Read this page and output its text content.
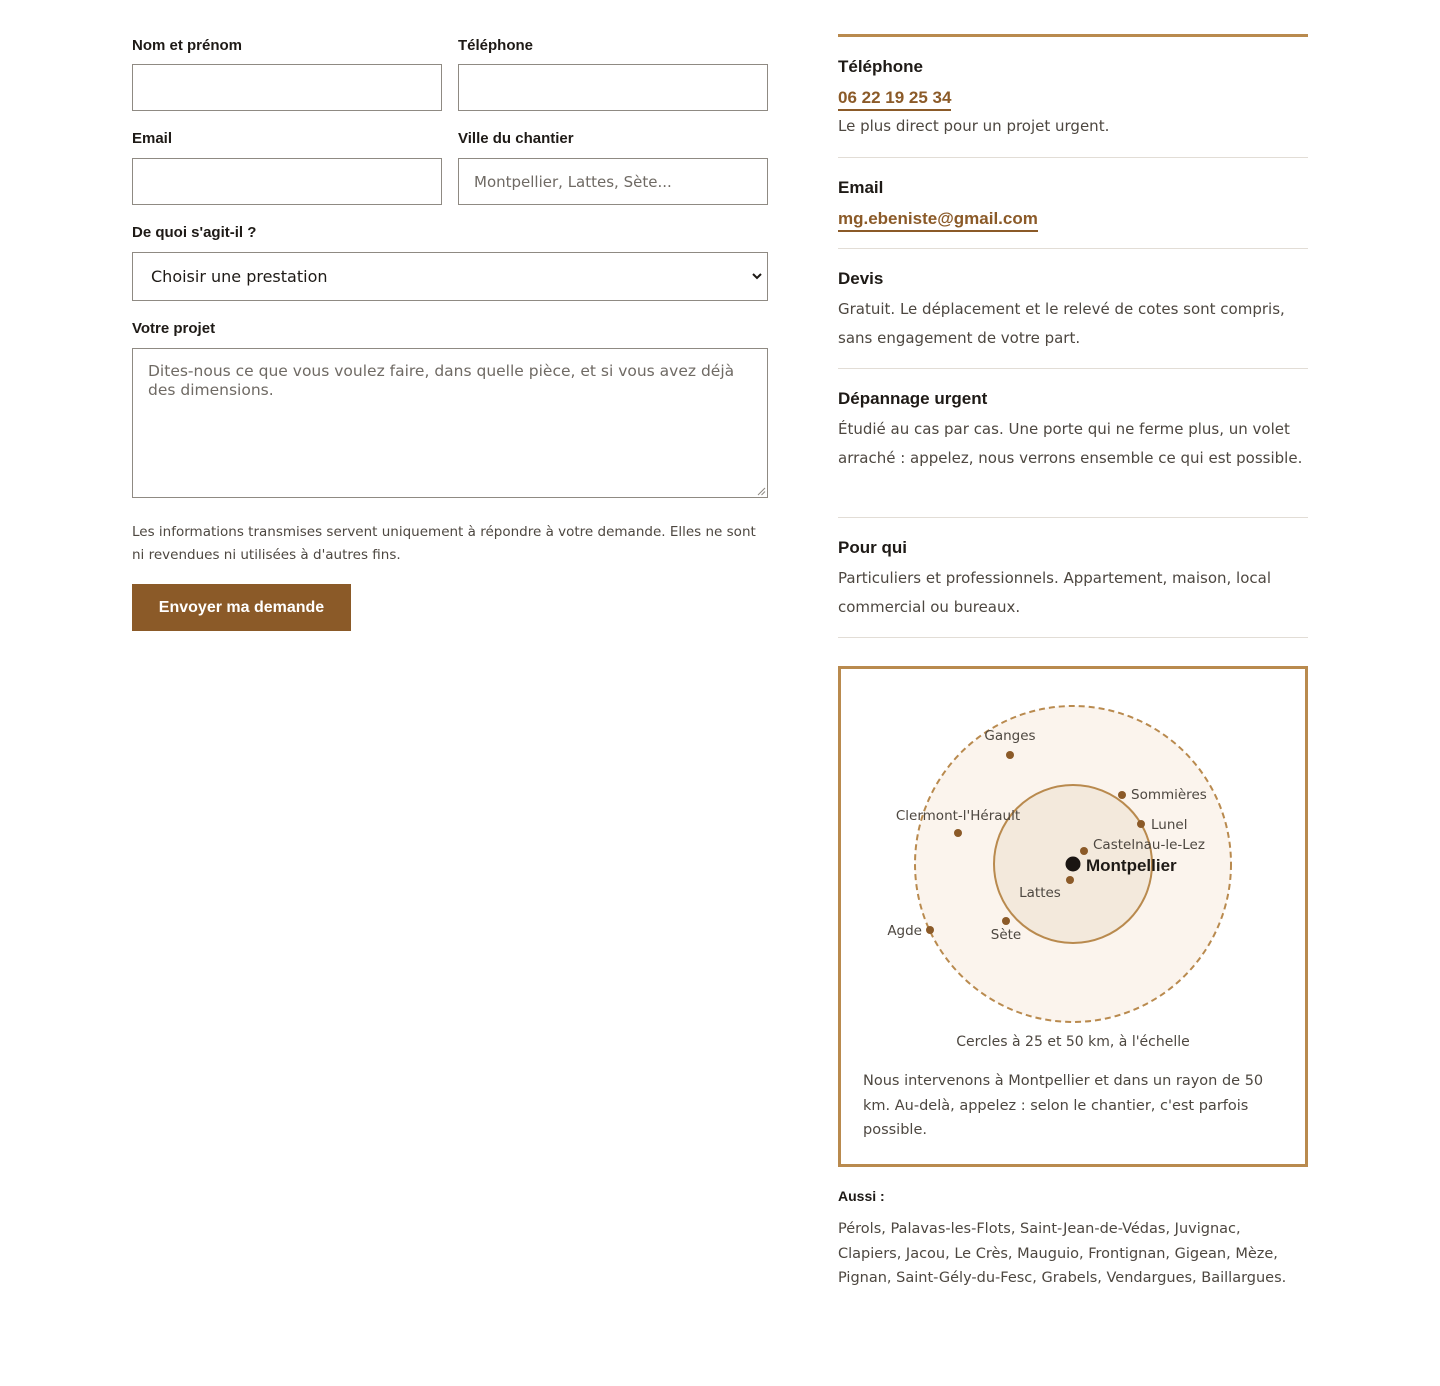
Nom et prénom	Téléphone
Email	Ville du chantier
Montpellier, Lattes, Sète...
De quoi s'agit-il ?
Choisir une prestation
Votre projet
Dites-nous ce que vous voulez faire, dans quelle pièce, et si vous avez déjà des dimensions.
Les informations transmises servent uniquement à répondre à votre demande. Elles ne sont ni revendues ni utilisées à d'autres fins.
Envoyer ma demande
Téléphone
06 22 19 25 34
Le plus direct pour un projet urgent.
Email
mg.ebeniste@gmail.com
Devis
Gratuit. Le déplacement et le relevé de cotes sont compris, sans engagement de votre part.
Dépannage urgent
Étudié au cas par cas. Une porte qui ne ferme plus, un volet arraché : appelez, nous verrons ensemble ce qui est possible.
Pour qui
Particuliers et professionnels. Appartement, maison, local commercial ou bureaux.
Ganges
Sommières
Clermont-l'Hérault
Lunel
Castelnau-le-Lez
Lattes
Agde	Sète
Montpellier
Cercles à 25 et 50 km, à l'échelle
Nous intervenons à Montpellier et dans un rayon de 50 km. Au-delà, appelez : selon le chantier, c'est parfois possible.
Aussi :
Pérols, Palavas-les-Flots, Saint-Jean-de-Védas, Juvignac, Clapiers, Jacou, Le Crès, Mauguio, Frontignan, Gigean, Mèze, Pignan, Saint-Gély-du-Fesc, Grabels, Vendargues, Baillargues.
